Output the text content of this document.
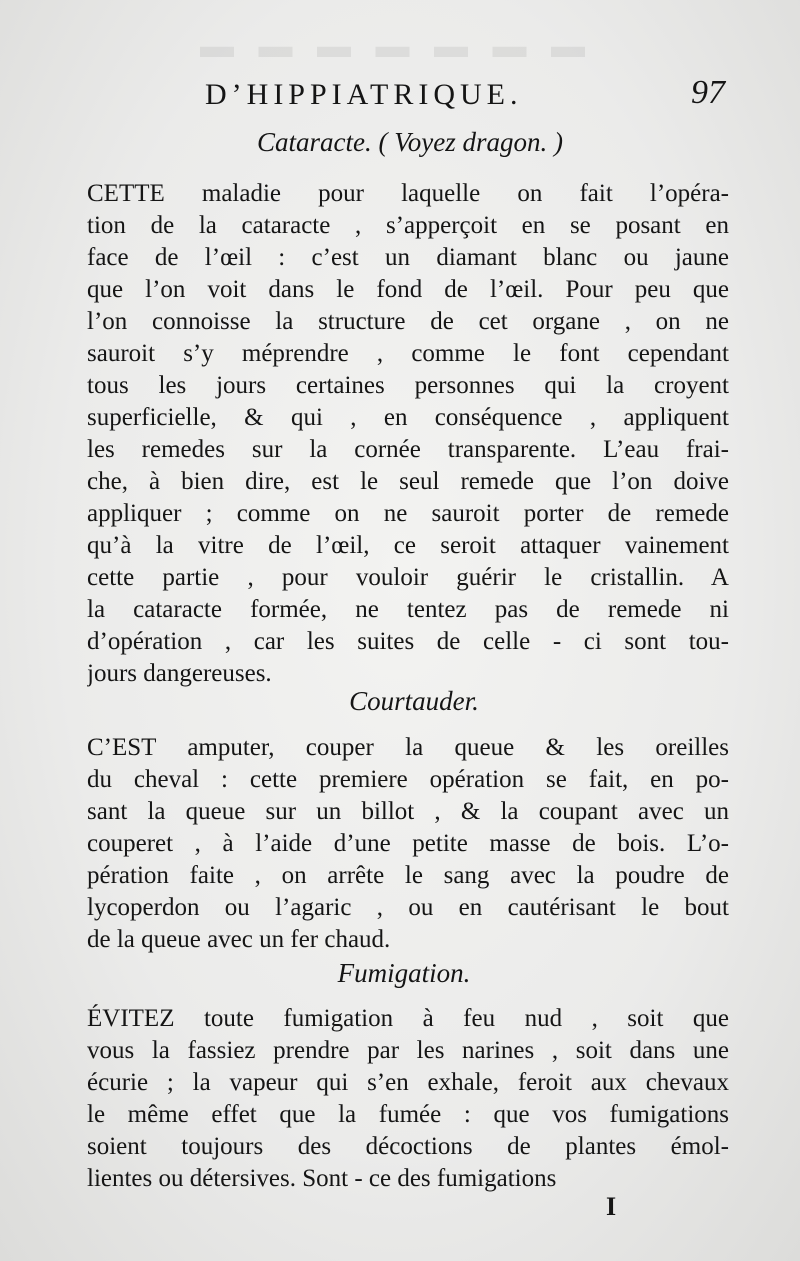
▬ ▬ ▬ ▬ ▬ ▬ ▬
D’HIPPIATRIQUE.	97
Cataracte. ( Voyez dragon. )
CETTE maladie pour laquelle on fait l’opéra-
tion de la cataracte , s’apperçoit en se posant en
face de l’œil : c’est un diamant blanc ou jaune
que l’on voit dans le fond de l’œil. Pour peu que
l’on connoisse la structure de cet organe , on ne
sauroit s’y méprendre , comme le font cependant
tous les jours certaines personnes qui la croyent
superficielle, & qui , en conséquence , appliquent
les remedes sur la cornée transparente. L’eau frai-
che, à bien dire, est le seul remede que l’on doive
appliquer ; comme on ne sauroit porter de remede
qu’à la vitre de l’œil, ce seroit attaquer vainement
cette partie , pour vouloir guérir le cristallin. A
la cataracte formée, ne tentez pas de remede ni
d’opération , car les suites de celle - ci sont tou-
jours dangereuses.
Courtauder.
C’EST amputer, couper la queue & les oreilles
du cheval : cette premiere opération se fait, en po-
sant la queue sur un billot , & la coupant avec un
couperet , à l’aide d’une petite masse de bois. L’o-
pération faite , on arrête le sang avec la poudre de
lycoperdon ou l’agaric , ou en cautérisant le bout
de la queue avec un fer chaud.
Fumigation.
ÉVITEZ toute fumigation à feu nud , soit que
vous la fassiez prendre par les narines , soit dans une
écurie ; la vapeur qui s’en exhale, feroit aux chevaux
le même effet que la fumée : que vos fumigations
soient toujours des décoctions de plantes émol-
lientes ou détersives. Sont - ce des fumigations
I
